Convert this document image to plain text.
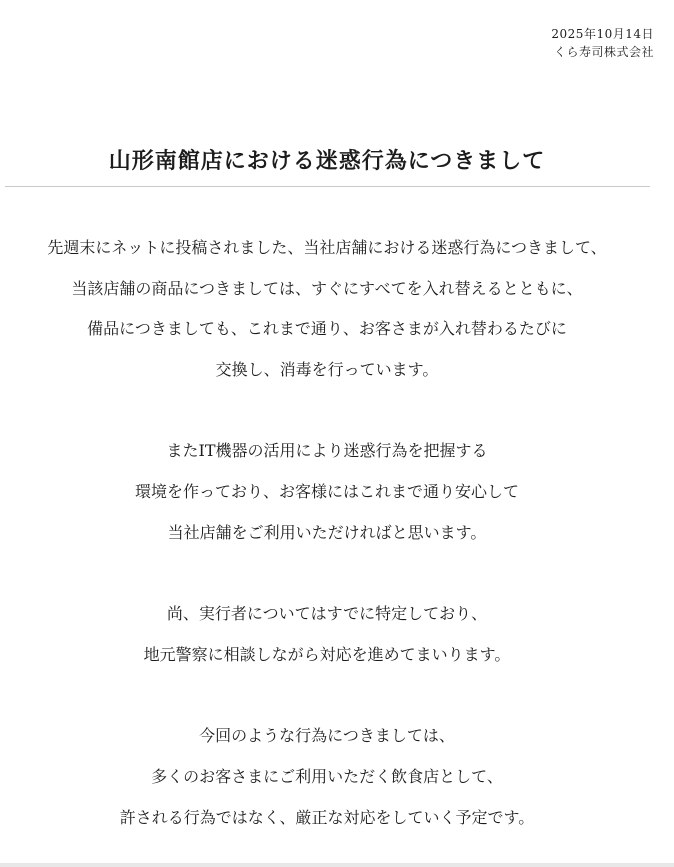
2025年10月14日
くら寿司株式会社
山形南館店における迷惑行為につきまして
先週末にネットに投稿されました、当社店舗における迷惑行為につきまして、
当該店舗の商品につきましては、すぐにすべてを入れ替えるとともに、
備品につきましても、これまで通り、お客さまが入れ替わるたびに
交換し、消毒を行っています。
またIT機器の活用により迷惑行為を把握する
環境を作っており、お客様にはこれまで通り安心して
当社店舗をご利用いただければと思います。
尚、実行者についてはすでに特定しており、
地元警察に相談しながら対応を進めてまいります。
今回のような行為につきましては、
多くのお客さまにご利用いただく飲食店として、
許される行為ではなく、厳正な対応をしていく予定です。
